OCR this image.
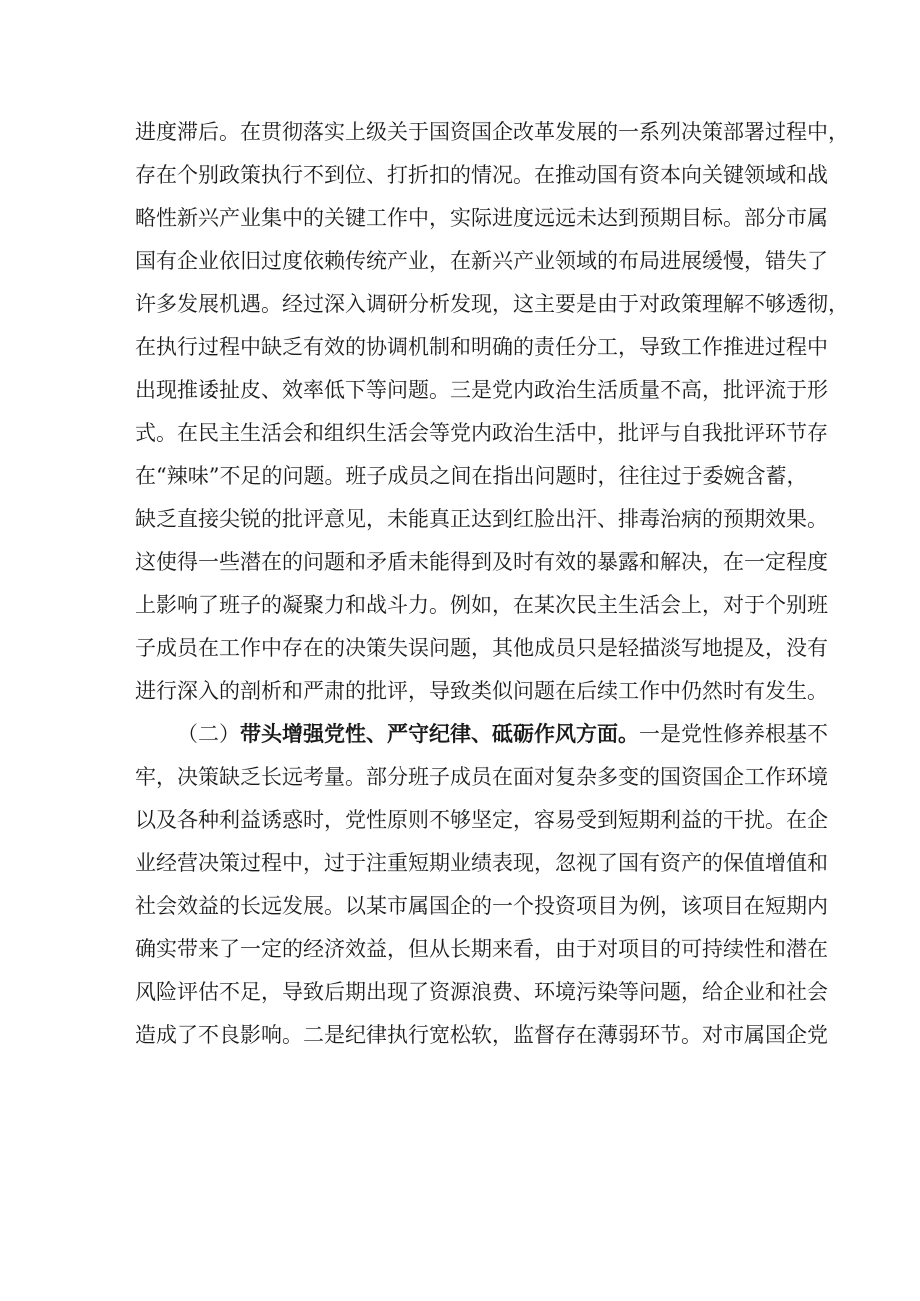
进度滞后。在贯彻落实上级关于国资国企改革发展的一系列决策部署过程中，
存在个别政策执行不到位、打折扣的情况。在推动国有资本向关键领域和战
略性新兴产业集中的关键工作中，实际进度远远未达到预期目标。部分市属
国有企业依旧过度依赖传统产业，在新兴产业领域的布局进展缓慢，错失了
许多发展机遇。经过深入调研分析发现，这主要是由于对政策理解不够透彻，
在执行过程中缺乏有效的协调机制和明确的责任分工，导致工作推进过程中
出现推诿扯皮、效率低下等问题。三是党内政治生活质量不高，批评流于形
式。在民主生活会和组织生活会等党内政治生活中，批评与自我批评环节存
在“辣味”不足的问题。班子成员之间在指出问题时，往往过于委婉含蓄，
缺乏直接尖锐的批评意见，未能真正达到红脸出汗、排毒治病的预期效果。
这使得一些潜在的问题和矛盾未能得到及时有效的暴露和解决，在一定程度
上影响了班子的凝聚力和战斗力。例如，在某次民主生活会上，对于个别班
子成员在工作中存在的决策失误问题，其他成员只是轻描淡写地提及，没有
进行深入的剖析和严肃的批评，导致类似问题在后续工作中仍然时有发生。
（二）带头增强党性、严守纪律、砥砺作风方面。一是党性修养根基不
牢，决策缺乏长远考量。部分班子成员在面对复杂多变的国资国企工作环境
以及各种利益诱惑时，党性原则不够坚定，容易受到短期利益的干扰。在企
业经营决策过程中，过于注重短期业绩表现，忽视了国有资产的保值增值和
社会效益的长远发展。以某市属国企的一个投资项目为例，该项目在短期内
确实带来了一定的经济效益，但从长期来看，由于对项目的可持续性和潜在
风险评估不足，导致后期出现了资源浪费、环境污染等问题，给企业和社会
造成了不良影响。二是纪律执行宽松软，监督存在薄弱环节。对市属国企党
